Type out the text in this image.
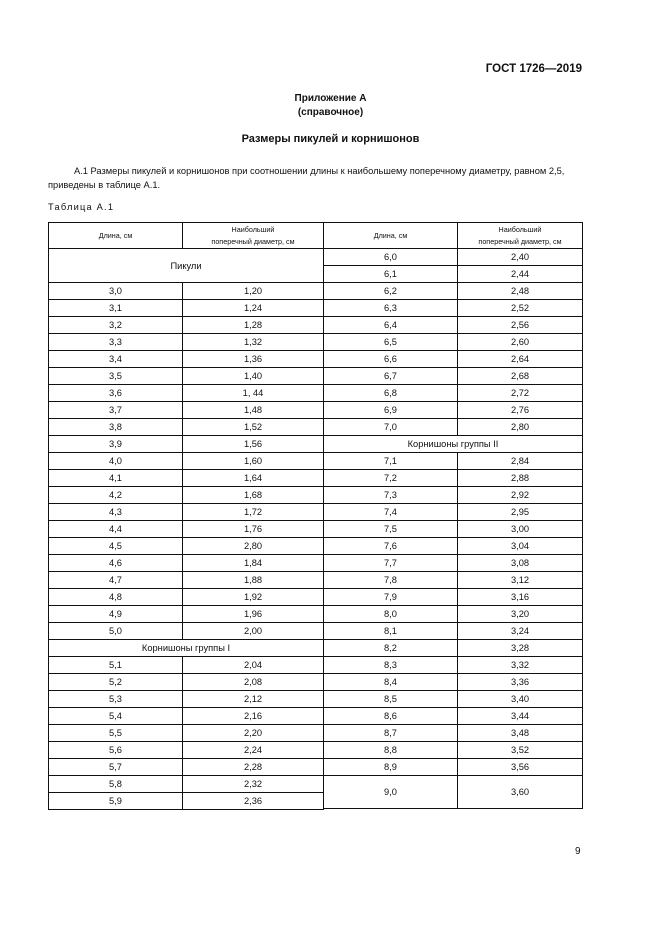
ГОСТ 1726—2019
Приложение А
(справочное)
Размеры пикулей и корнишонов
А.1 Размеры пикулей и корнишонов при соотношении длины к наибольшему поперечному диаметру, равном 2,5, приведены в таблице А.1.
Таблица А.1
Длина, см	Наибольший
поперечный диаметр, см

Пикули	
3,0	1,20
3,1	1,24
3,2	1,28
3,3	1,32
3,4	1,36
3,5	1,40
3,6	1, 44
3,7	1,48
3,8	1,52
3,9	1,56
4,0	1,60
4,1	1,64
4,2	1,68
4,3	1,72
4,4	1,76
4,5	2,80
4,6	1,84
4,7	1,88
4,8	1,92
4,9	1,96
5,0	2,00
Корнишоны группы I	
5,1	2,04
5,2	2,08
5,3	2,12
5,4	2,16
5,5	2,20
5,6	2,24
5,7	2,28
5,8	2,32
5,9	2,36
Длина, см	Наибольший
поперечный диаметр, см

6,0	2,40
6,1	2,44
6,2	2,48
6,3	2,52
6,4	2,56
6,5	2,60
6,6	2,64
6,7	2,68
6,8	2,72
6,9	2,76
7,0	2,80
Корнишоны группы II	
7,1	2,84
7,2	2,88
7,3	2,92
7,4	2,95
7,5	3,00
7,6	3,04
7,7	3,08
7,8	3,12
7,9	3,16
8,0	3,20
8,1	3,24
8,2	3,28
8,3	3,32
8,4	3,36
8,5	3,40
8,6	3,44
8,7	3,48
8,8	3,52
8,9	3,56
9,0	3,60
9
